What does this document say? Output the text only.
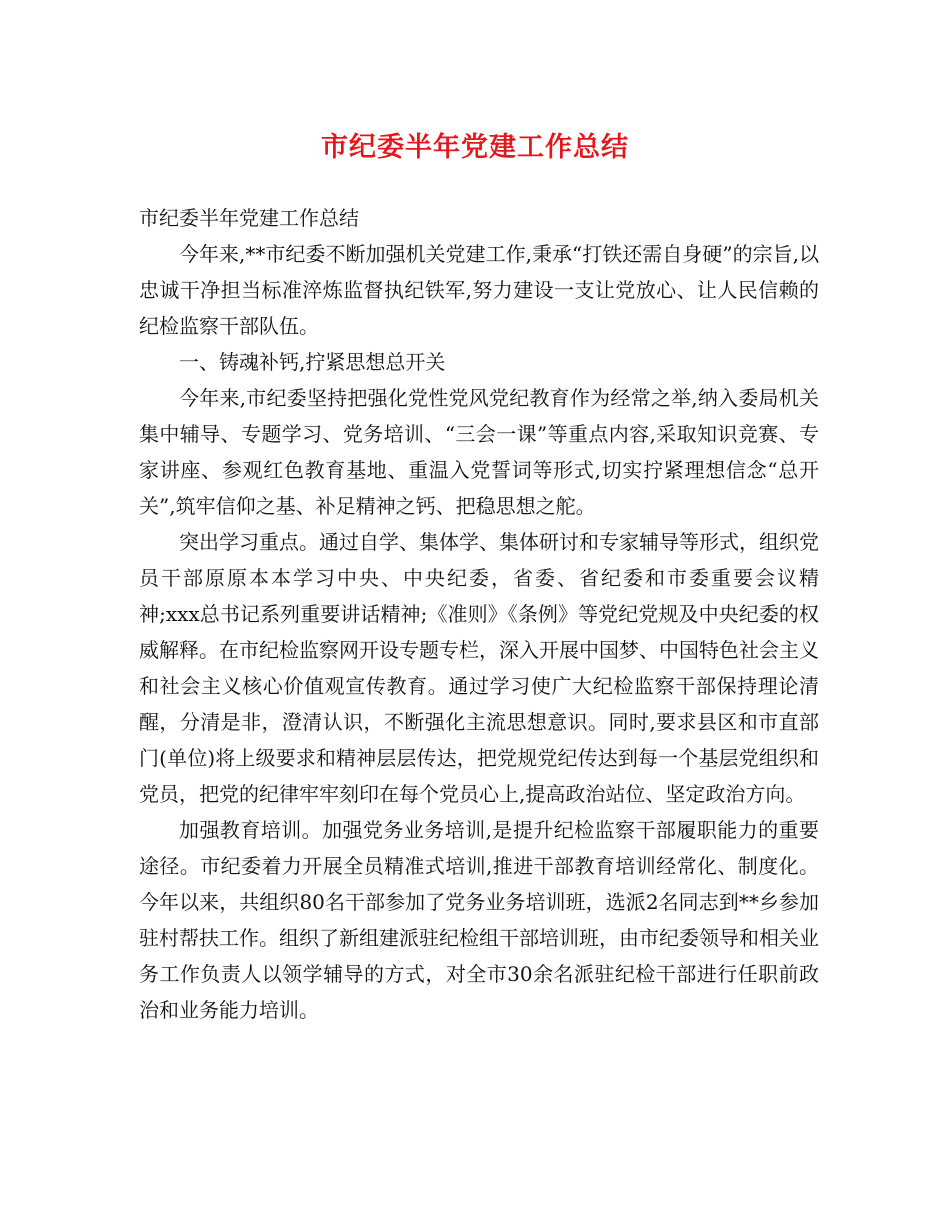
市纪委半年党建工作总结

市纪委半年党建工作总结

今年来,**市纪委不断加强机关党建工作,秉承“打铁还需自身硬”的宗旨,以忠诚干净担当标准淬炼监督执纪铁军,努力建设一支让党放心、让人民信赖的纪检监察干部队伍。

一、铸魂补钙,拧紧思想总开关

今年来,市纪委坚持把强化党性党风党纪教育作为经常之举,纳入委局机关集中辅导、专题学习、党务培训、“三会一课”等重点内容,采取知识竞赛、专家讲座、参观红色教育基地、重温入党誓词等形式,切实拧紧理想信念“总开关”,筑牢信仰之基、补足精神之钙、把稳思想之舵。

突出学习重点。通过自学、集体学、集体研讨和专家辅导等形式，组织党员干部原原本本学习中央、中央纪委，省委、省纪委和市委重要会议精神;xxx总书记系列重要讲话精神;《准则》《条例》等党纪党规及中央纪委的权威解释。在市纪检监察网开设专题专栏，深入开展中国梦、中国特色社会主义和社会主义核心价值观宣传教育。通过学习使广大纪检监察干部保持理论清醒，分清是非，澄清认识，不断强化主流思想意识。同时,要求县区和市直部门(单位)将上级要求和精神层层传达，把党规党纪传达到每一个基层党组织和党员，把党的纪律牢牢刻印在每个党员心上,提高政治站位、坚定政治方向。

加强教育培训。加强党务业务培训,是提升纪检监察干部履职能力的重要途径。市纪委着力开展全员精准式培训,推进干部教育培训经常化、制度化。今年以来，共组织80名干部参加了党务业务培训班，选派2名同志到**乡参加驻村帮扶工作。组织了新组建派驻纪检组干部培训班，由市纪委领导和相关业务工作负责人以领学辅导的方式，对全市30余名派驻纪检干部进行任职前政治和业务能力培训。
